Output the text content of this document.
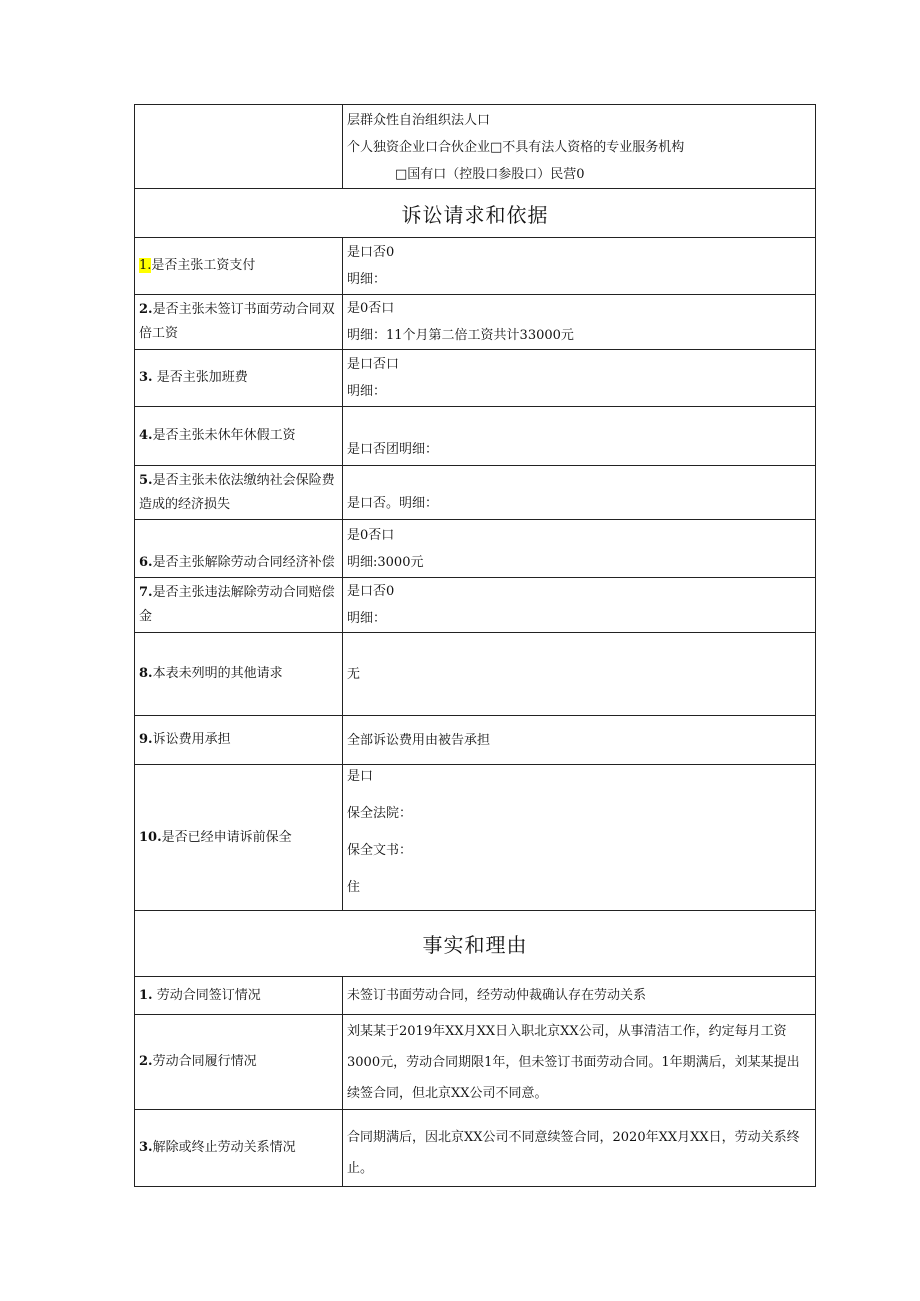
	层群众性自治组织法人口
个人独资企业口合伙企业□不具有法人资格的专业服务机构
□国有口（控股口参股口）民营0

诉讼请求和依据	
1.是否主张工资支付	是口否0

明细：

2.是否主张未签订书面劳动合同双倍工资	是0否口

明细：11个月第二倍工资共计33000元

3. 是否主张加班费	是口否口

明细：

4.是否主张未休年休假工资	是口否团明细：

5.是否主张未依法缴纳社会保险费造成的经济损失	是口否。明细：

6.是否主张解除劳动合同经济补偿	是0否口

明细:3000元

7.是否主张违法解除劳动合同赔偿金	是口否0

明细：

8.本表未列明的其他请求	无

9.诉讼费用承担	全部诉讼费用由被告承担

10.是否已经申请诉前保全	是口

保全法院：

保全文书：

住

事实和理由	
1. 劳动合同签订情况	未签订书面劳动合同，经劳动仲裁确认存在劳动关系

2.劳动合同履行情况	刘某某于2019年XX月XX日入职北京XX公司，从事清洁工作，约定每月工资3000元，劳动合同期限1年，但未签订书面劳动合同。1年期满后，刘某某提出续签合同，但北京XX公司不同意。

3.解除或终止劳动关系情况	合同期满后，因北京XX公司不同意续签合同，2020年XX月XX日，劳动关系终止。
